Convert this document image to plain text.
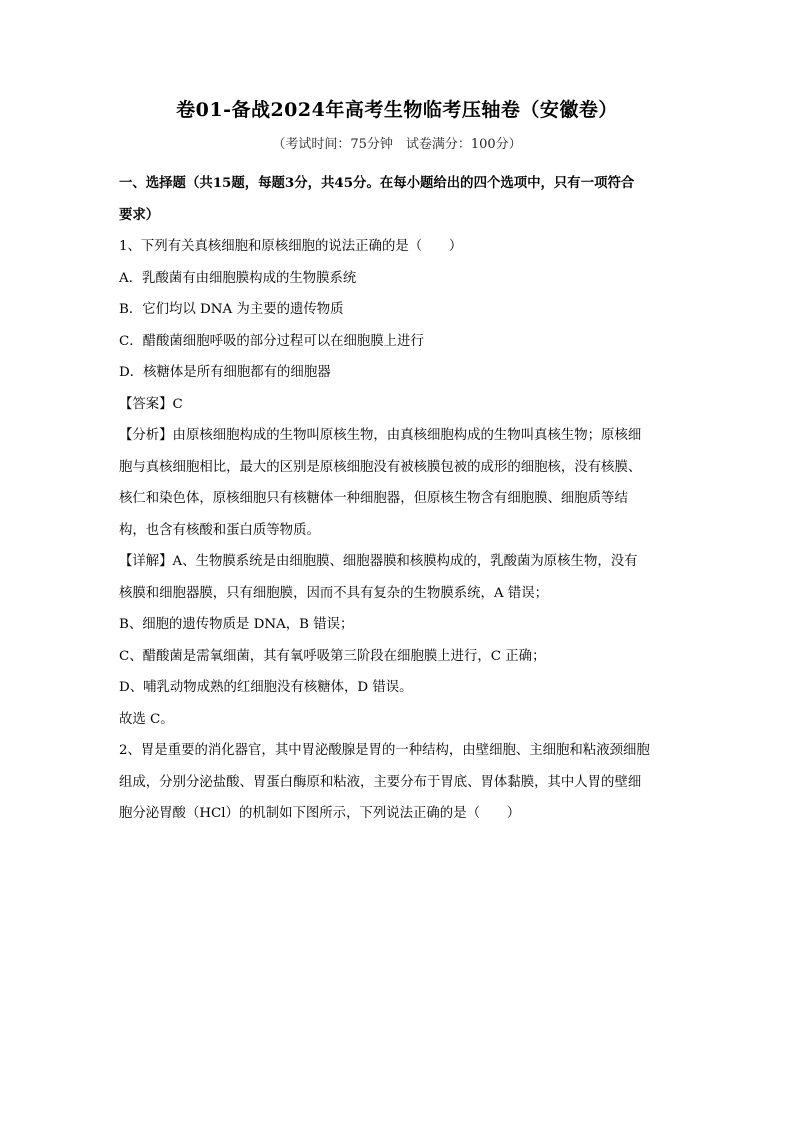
卷01-备战2024年高考生物临考压轴卷（安徽卷）
（考试时间：75分钟　试卷满分：100分）

一、选择题（共15题，每题3分，共45分。在每小题给出的四个选项中，只有一项符合

要求）

1、下列有关真核细胞和原核细胞的说法正确的是（　　）

A．乳酸菌有由细胞膜构成的生物膜系统

B．它们均以 DNA 为主要的遗传物质

C．醋酸菌细胞呼吸的部分过程可以在细胞膜上进行

D．核糖体是所有细胞都有的细胞器

【答案】C

【分析】由原核细胞构成的生物叫原核生物，由真核细胞构成的生物叫真核生物；原核细

胞与真核细胞相比，最大的区别是原核细胞没有被核膜包被的成形的细胞核，没有核膜、

核仁和染色体，原核细胞只有核糖体一种细胞器，但原核生物含有细胞膜、细胞质等结

构，也含有核酸和蛋白质等物质。

【详解】A、生物膜系统是由细胞膜、细胞器膜和核膜构成的，乳酸菌为原核生物，没有

核膜和细胞器膜，只有细胞膜，因而不具有复杂的生物膜系统，A 错误；

B、细胞的遗传物质是 DNA，B 错误；

C、醋酸菌是需氧细菌，其有氧呼吸第三阶段在细胞膜上进行，C 正确；

D、哺乳动物成熟的红细胞没有核糖体，D 错误。

故选 C。

2、胃是重要的消化器官，其中胃泌酸腺是胃的一种结构，由壁细胞、主细胞和粘液颈细胞

组成，分别分泌盐酸、胃蛋白酶原和粘液，主要分布于胃底、胃体黏膜，其中人胃的壁细

胞分泌胃酸（HCl）的机制如下图所示，下列说法正确的是（　　）
